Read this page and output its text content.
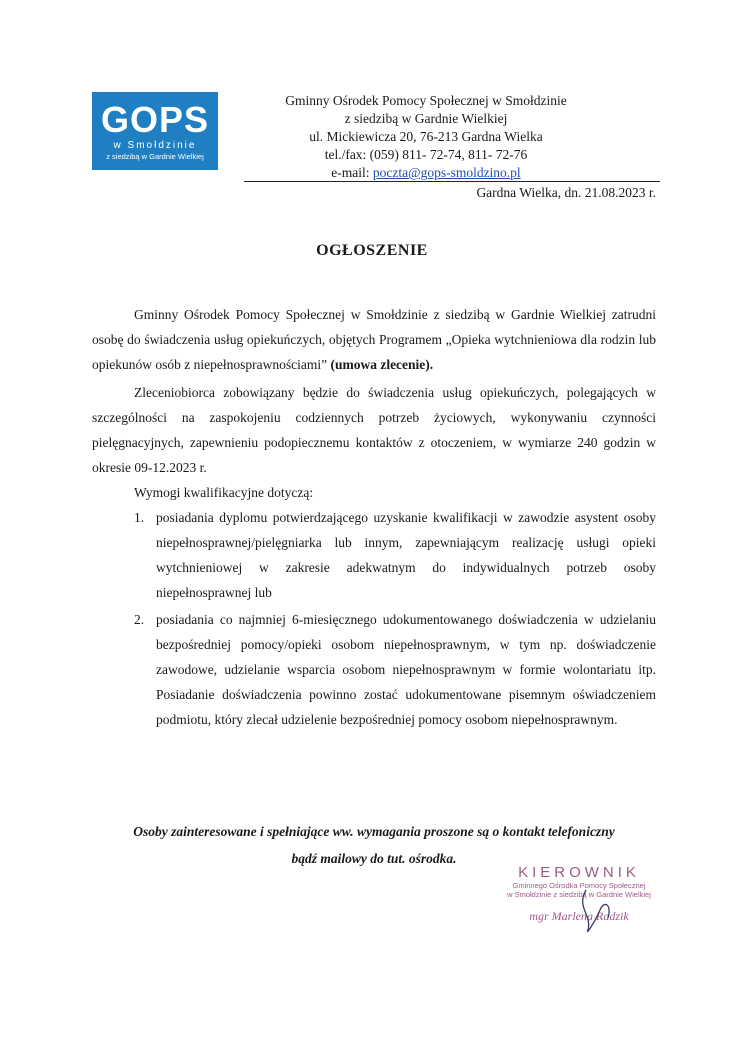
GOPS
w Smołdzinie
z siedzibą w Gardnie Wielkiej
Gminny Ośrodek Pomocy Społecznej w Smołdzinie
z siedzibą w Gardnie Wielkiej
ul. Mickiewicza 20, 76-213 Gardna Wielka
tel./fax: (059) 811- 72-74, 811- 72-76
e-mail: poczta@gops-smoldzino.pl
Gardna Wielka, dn. 21.08.2023 r.
OGŁOSZENIE

Gminny Ośrodek Pomocy Społecznej w Smołdzinie z siedzibą w Gardnie Wielkiej zatrudni osobę do świadczenia usług opiekuńczych, objętych Programem „Opieka wytchnieniowa dla rodzin lub opiekunów osób z niepełnosprawnościami” (umowa zlecenie).

Zleceniobiorca zobowiązany będzie do świadczenia usług opiekuńczych, polegających w szczególności na zaspokojeniu codziennych potrzeb życiowych, wykonywaniu czynności pielęgnacyjnych, zapewnieniu podopiecznemu kontaktów z otoczeniem, w wymiarze 240 godzin w okresie 09-12.2023 r.

Wymogi kwalifikacyjne dotyczą:

1. posiadania dyplomu potwierdzającego uzyskanie kwalifikacji w zawodzie asystent osoby niepełnosprawnej/pielęgniarka lub innym, zapewniającym realizację usługi opieki wytchnieniowej w zakresie adekwatnym do indywidualnych potrzeb osoby niepełnosprawnej lub
2. posiadania co najmniej 6-miesięcznego udokumentowanego doświadczenia w udzielaniu bezpośredniej pomocy/opieki osobom niepełnosprawnym, w tym np. doświadczenie zawodowe, udzielanie wsparcia osobom niepełnosprawnym w formie wolontariatu itp. Posiadanie doświadczenia powinno zostać udokumentowane pisemnym oświadczeniem podmiotu, który zlecał udzielenie bezpośredniej pomocy osobom niepełnosprawnym.
Osoby zainteresowane i spełniające ww. wymagania proszone są o kontakt telefoniczny
bądź mailowy do tut. ośrodka.
KIEROWNIK
Gminnego Ośrodka Pomocy Społecznej
w Smołdzinie z siedzibą w Gardnie Wielkiej
mgr Marlena Radzik
